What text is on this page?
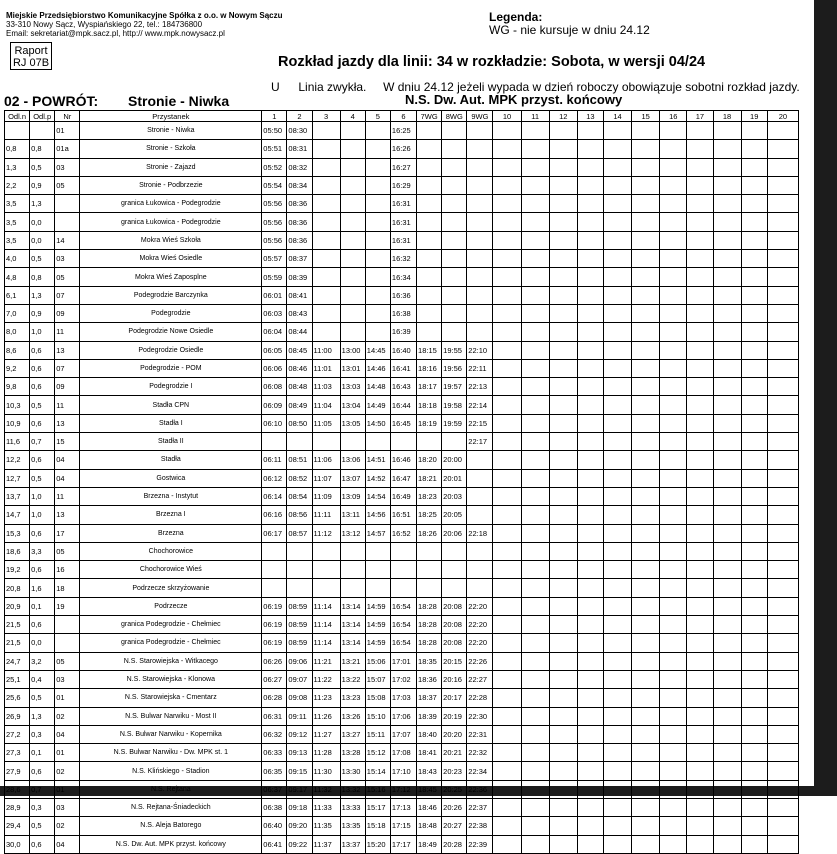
Miejskie Przedsiębiorstwo Komunikacyjne Spółka z o.o. w Nowym Sączu
33-310 Nowy Sącz, Wyspiańskiego 22, tel.: 184736800
Email: sekretariat@mpk.sacz.pl, http:// www.mpk.nowysacz.pl
Raport
RJ 07B
Legenda:
WG - nie kursuje w dniu 24.12
Rozkład jazdy dla linii: 34 w rozkładzie: Sobota, w wersji 04/24
U Linia zwykła. W dniu 24.12 jeżeli wypada w dzień roboczy obowiązuje sobotni rozkład jazdy.
02 - POWRÓT: Stronie - Niwka	N.S. Dw. Aut. MPK przyst. końcowy
Odl.n	Odl.p	Nr	Przystanek	1	2	3	4	5	6	7WG	8WG	9WG	10	11	12	13	14	15	16	17	18	19	20
		01	Stronie - Niwka	05:50	08:30				16:25														
0,8	0,8	01a	Stronie - Szkoła	05:51	08:31				16:26														
1,3	0,5	03	Stronie - Zajazd	05:52	08:32				16:27														
2,2	0,9	05	Stronie - Podbrzezie	05:54	08:34				16:29														
3,5	1,3		granica Łukowica - Podegrodzie	05:56	08:36				16:31														
3,5	0,0		granica Łukowica - Podegrodzie	05:56	08:36				16:31														
3,5	0,0	14	Mokra Wieś Szkoła	05:56	08:36				16:31														
4,0	0,5	03	Mokra Wieś Osiedle	05:57	08:37				16:32														
4,8	0,8	05	Mokra Wieś Zaposplne	05:59	08:39				16:34														
6,1	1,3	07	Podegrodzie Barczynka	06:01	08:41				16:36														
7,0	0,9	09	Podegrodzie	06:03	08:43				16:38														
8,0	1,0	11	Podegrodzie Nowe Osiedle	06:04	08:44				16:39														
8,6	0,6	13	Podegrodzie Osiedle	06:05	08:45	11:00	13:00	14:45	16:40	18:15	19:55	22:10											
9,2	0,6	07	Podegrodzie - POM	06:06	08:46	11:01	13:01	14:46	16:41	18:16	19:56	22:11											
9,8	0,6	09	Podegrodzie I	06:08	08:48	11:03	13:03	14:48	16:43	18:17	19:57	22:13											
10,3	0,5	11	Stadła CPN	06:09	08:49	11:04	13:04	14:49	16:44	18:18	19:58	22:14											
10,9	0,6	13	Stadła I	06:10	08:50	11:05	13:05	14:50	16:45	18:19	19:59	22:15											
11,6	0,7	15	Stadła II									22:17											
12,2	0,6	04	Stadła	06:11	08:51	11:06	13:06	14:51	16:46	18:20	20:00												
12,7	0,5	04	Gostwica	06:12	08:52	11:07	13:07	14:52	16:47	18:21	20:01												
13,7	1,0	11	Brzezna - Instytut	06:14	08:54	11:09	13:09	14:54	16:49	18:23	20:03												
14,7	1,0	13	Brzezna I	06:16	08:56	11:11	13:11	14:56	16:51	18:25	20:05												
15,3	0,6	17	Brzezna	06:17	08:57	11:12	13:12	14:57	16:52	18:26	20:06	22:18											
18,6	3,3	05	Chochorowice																				
19,2	0,6	16	Chochorowice Wieś																				
20,8	1,6	18	Podrzecze skrzyżowanie																				
20,9	0,1	19	Podrzecze	06:19	08:59	11:14	13:14	14:59	16:54	18:28	20:08	22:20											
21,5	0,6		granica Podegrodzie - Chełmiec	06:19	08:59	11:14	13:14	14:59	16:54	18:28	20:08	22:20											
21,5	0,0		granica Podegrodzie - Chełmiec	06:19	08:59	11:14	13:14	14:59	16:54	18:28	20:08	22:20											
24,7	3,2	05	N.S. Starowiejska - Witkacego	06:26	09:06	11:21	13:21	15:06	17:01	18:35	20:15	22:26											
25,1	0,4	03	N.S. Starowiejska - Klonowa	06:27	09:07	11:22	13:22	15:07	17:02	18:36	20:16	22:27											
25,6	0,5	01	N.S. Starowiejska - Cmentarz	06:28	09:08	11:23	13:23	15:08	17:03	18:37	20:17	22:28											
26,9	1,3	02	N.S. Bulwar Narwiku - Most II	06:31	09:11	11:26	13:26	15:10	17:06	18:39	20:19	22:30											
27,2	0,3	04	N.S. Bulwar Narwiku - Kopernika	06:32	09:12	11:27	13:27	15:11	17:07	18:40	20:20	22:31											
27,3	0,1	01	N.S. Bulwar Narwiku - Dw. MPK st. 1	06:33	09:13	11:28	13:28	15:12	17:08	18:41	20:21	22:32											
27,9	0,6	02	N.S. Klińskiego - Stadion	06:35	09:15	11:30	13:30	15:14	17:10	18:43	20:23	22:34											
28,6	0,7	01	N.S. Rejtana	06:37	09:17	11:32	13:32	15:16	17:12	18:45	20:25	22:36											
28,9	0,3	03	N.S. Rejtana-Śniadeckich	06:38	09:18	11:33	13:33	15:17	17:13	18:46	20:26	22:37											
29,4	0,5	02	N.S. Aleja Batorego	06:40	09:20	11:35	13:35	15:18	17:15	18:48	20:27	22:38											
30,0	0,6	04	N.S. Dw. Aut. MPK przyst. końcowy	06:41	09:22	11:37	13:37	15:20	17:17	18:49	20:28	22:39											
